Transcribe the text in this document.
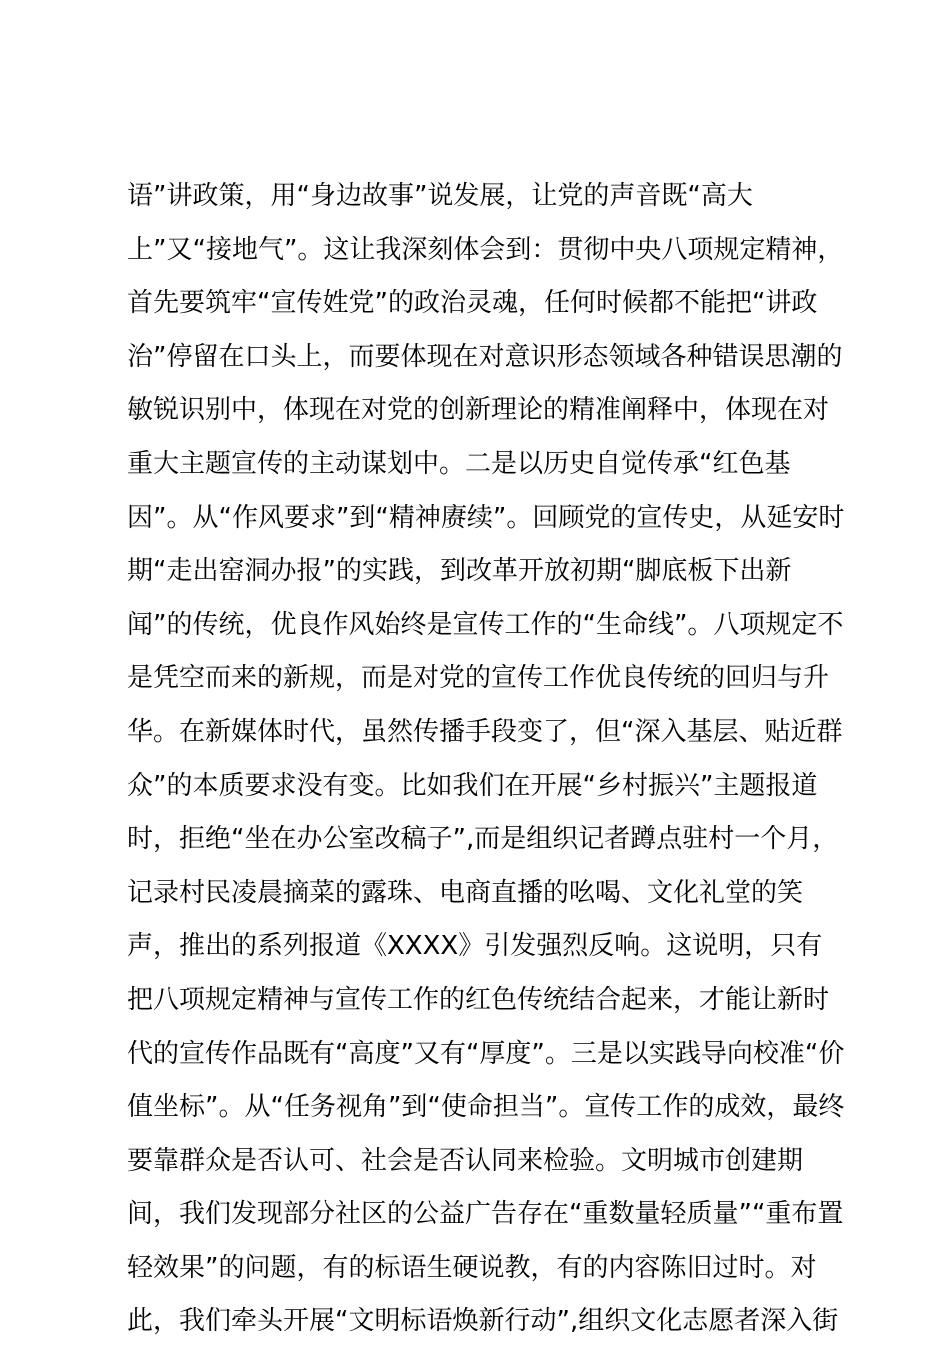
语”讲政策，用“身边故事”说发展，让党的声音既“高大
上”又“接地气”。这让我深刻体会到：贯彻中央八项规定精神，
首先要筑牢“宣传姓党”的政治灵魂，任何时候都不能把“讲政
治”停留在口头上，而要体现在对意识形态领域各种错误思潮的
敏锐识别中，体现在对党的创新理论的精准阐释中，体现在对
重大主题宣传的主动谋划中。二是以历史自觉传承“红色基
因”。从“作风要求”到“精神赓续”。回顾党的宣传史，从延安时
期“走出窑洞办报”的实践，到改革开放初期“脚底板下出新
闻”的传统，优良作风始终是宣传工作的“生命线”。八项规定不
是凭空而来的新规，而是对党的宣传工作优良传统的回归与升
华。在新媒体时代，虽然传播手段变了，但“深入基层、贴近群
众”的本质要求没有变。比如我们在开展“乡村振兴”主题报道
时，拒绝“坐在办公室改稿子”,而是组织记者蹲点驻村一个月，
记录村民凌晨摘菜的露珠、电商直播的吆喝、文化礼堂的笑
声，推出的系列报道《XXXX》引发强烈反响。这说明，只有
把八项规定精神与宣传工作的红色传统结合起来，才能让新时
代的宣传作品既有“高度”又有“厚度”。三是以实践导向校准“价
值坐标”。从“任务视角”到“使命担当”。宣传工作的成效，最终
要靠群众是否认可、社会是否认同来检验。文明城市创建期
间，我们发现部分社区的公益广告存在“重数量轻质量”“重布置
轻效果”的问题，有的标语生硬说教，有的内容陈旧过时。对
此，我们牵头开展“文明标语焕新行动”,组织文化志愿者深入街
